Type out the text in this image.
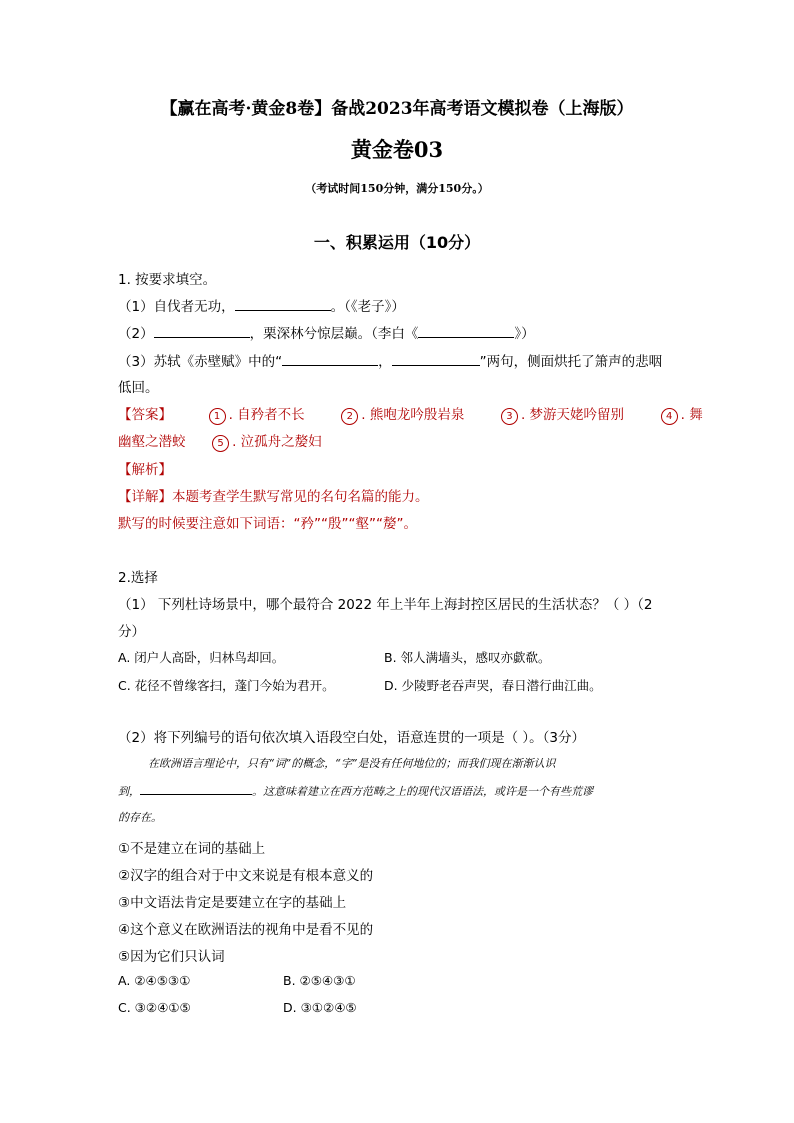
【赢在高考·黄金8卷】备战2023年高考语文模拟卷（上海版）
黄金卷03
（考试时间150分钟，满分150分。）
一、积累运用（10分）
1. 按要求填空。
（1）自伐者无功，	。（《老子》）
（2）	，栗深林兮惊层巅。（李白《	》）
（3）苏轼《赤壁赋》中的“	，	”两句，侧面烘托了箫声的悲咽
低回。
【答案】	1 . 自矜者不长	2 . 熊咆龙吟殷岩泉	3 . 梦游天姥吟留别	4 . 舞
幽壑之潜蛟	5 . 泣孤舟之嫠妇
【解析】
【详解】本题考查学生默写常见的名句名篇的能力。
默写的时候要注意如下词语：“矜”“殷”“壑”“嫠”。
2.选择
（1） 下列杜诗场景中，哪个最符合 2022 年上半年上海封控区居民的生活状态？（ ）（2
分）
A. 闭户人高卧，归林鸟却回。	B. 邻人满墙头，感叹亦歔欷。
C. 花径不曾缘客扫，蓬门今始为君开。	D. 少陵野老吞声哭，春日潜行曲江曲。
（2）将下列编号的语句依次填入语段空白处，语意连贯的一项是（ ）。（3分）
在欧洲语言理论中，只有“词”的概念，“字”是没有任何地位的；而我们现在渐渐认识
到，	。这意味着建立在西方范畴之上的现代汉语语法，或许是一个有些荒谬
的存在。
①不是建立在词的基础上
②汉字的组合对于中文来说是有根本意义的
③中文语法肯定是要建立在字的基础上
④这个意义在欧洲语法的视角中是看不见的
⑤因为它们只认词
A. ②④⑤③①	B. ②⑤④③①
C. ③②④①⑤	D. ③①②④⑤
